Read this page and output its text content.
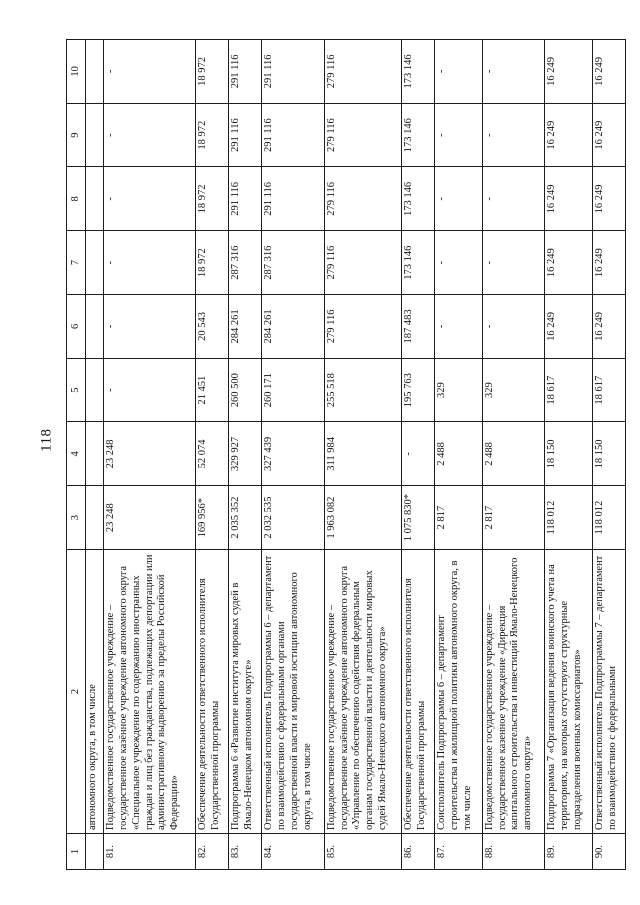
118
1	2	3	4	5	6	7	8	9	10
	автономного округа, в том числе								
81.	Подведомственное государственное учреждение – государственное казённое учреждение автономного округа «Специальное учреждение по содержанию иностранных граждан и лиц без гражданства, подлежащих депортации или административному выдворению за пределы Российской Федерации»	23 248	23 248	-	-	-	-	-	-
82.	Обеспечение деятельности ответственного исполнителя Государственной программы	169 956*	52 074	21 451	20 543	18 972	18 972	18 972	18 972
83.	Подпрограмма 6 «Развитие института мировых судей в Ямало-Ненецком автономном округе»	2 035 352	329 927	260 500	284 261	287 316	291 116	291 116	291 116
84.	Ответственный исполнитель Подпрограммы 6 – департамент по взаимодействию с федеральными органами государственной власти и мировой юстиции автономного округа, в том числе	2 032 535	327 439	260 171	284 261	287 316	291 116	291 116	291 116
85.	Подведомственное государственное учреждение – государственное казённое учреждение автономного округа «Управление по обеспечению содействия федеральным органам государственной власти и деятельности мировых судей Ямало-Ненецкого автономного округа»	1 963 082	311 984	255 518	279 116	279 116	279 116	279 116	279 116
86.	Обеспечение деятельности ответственного исполнителя Государственной программы	1 075 830*	-	195 763	187 483	173 146	173 146	173 146	173 146
87.	Соисполнитель Подпрограммы 6 – департамент строительства и жилищной политики автономного округа, в том числе	2 817	2 488	329	-	-	-	-	-
88.	Подведомственное государственное учреждение – государственное казенное учреждение «Дирекция капитального строительства и инвестиций Ямало-Ненецкого автономного округа»	2 817	2 488	329	-	-	-	-	-
89.	Подпрограмма 7 «Организация ведения воинского учета на территориях, на которых отсутствуют структурные подразделения военных комиссариатов»	118 012	18 150	18 617	16 249	16 249	16 249	16 249	16 249
90.	Ответственный исполнитель Подпрограммы 7 – департамент по взаимодействию с федеральными	118 012	18 150	18 617	16 249	16 249	16 249	16 249	16 249
